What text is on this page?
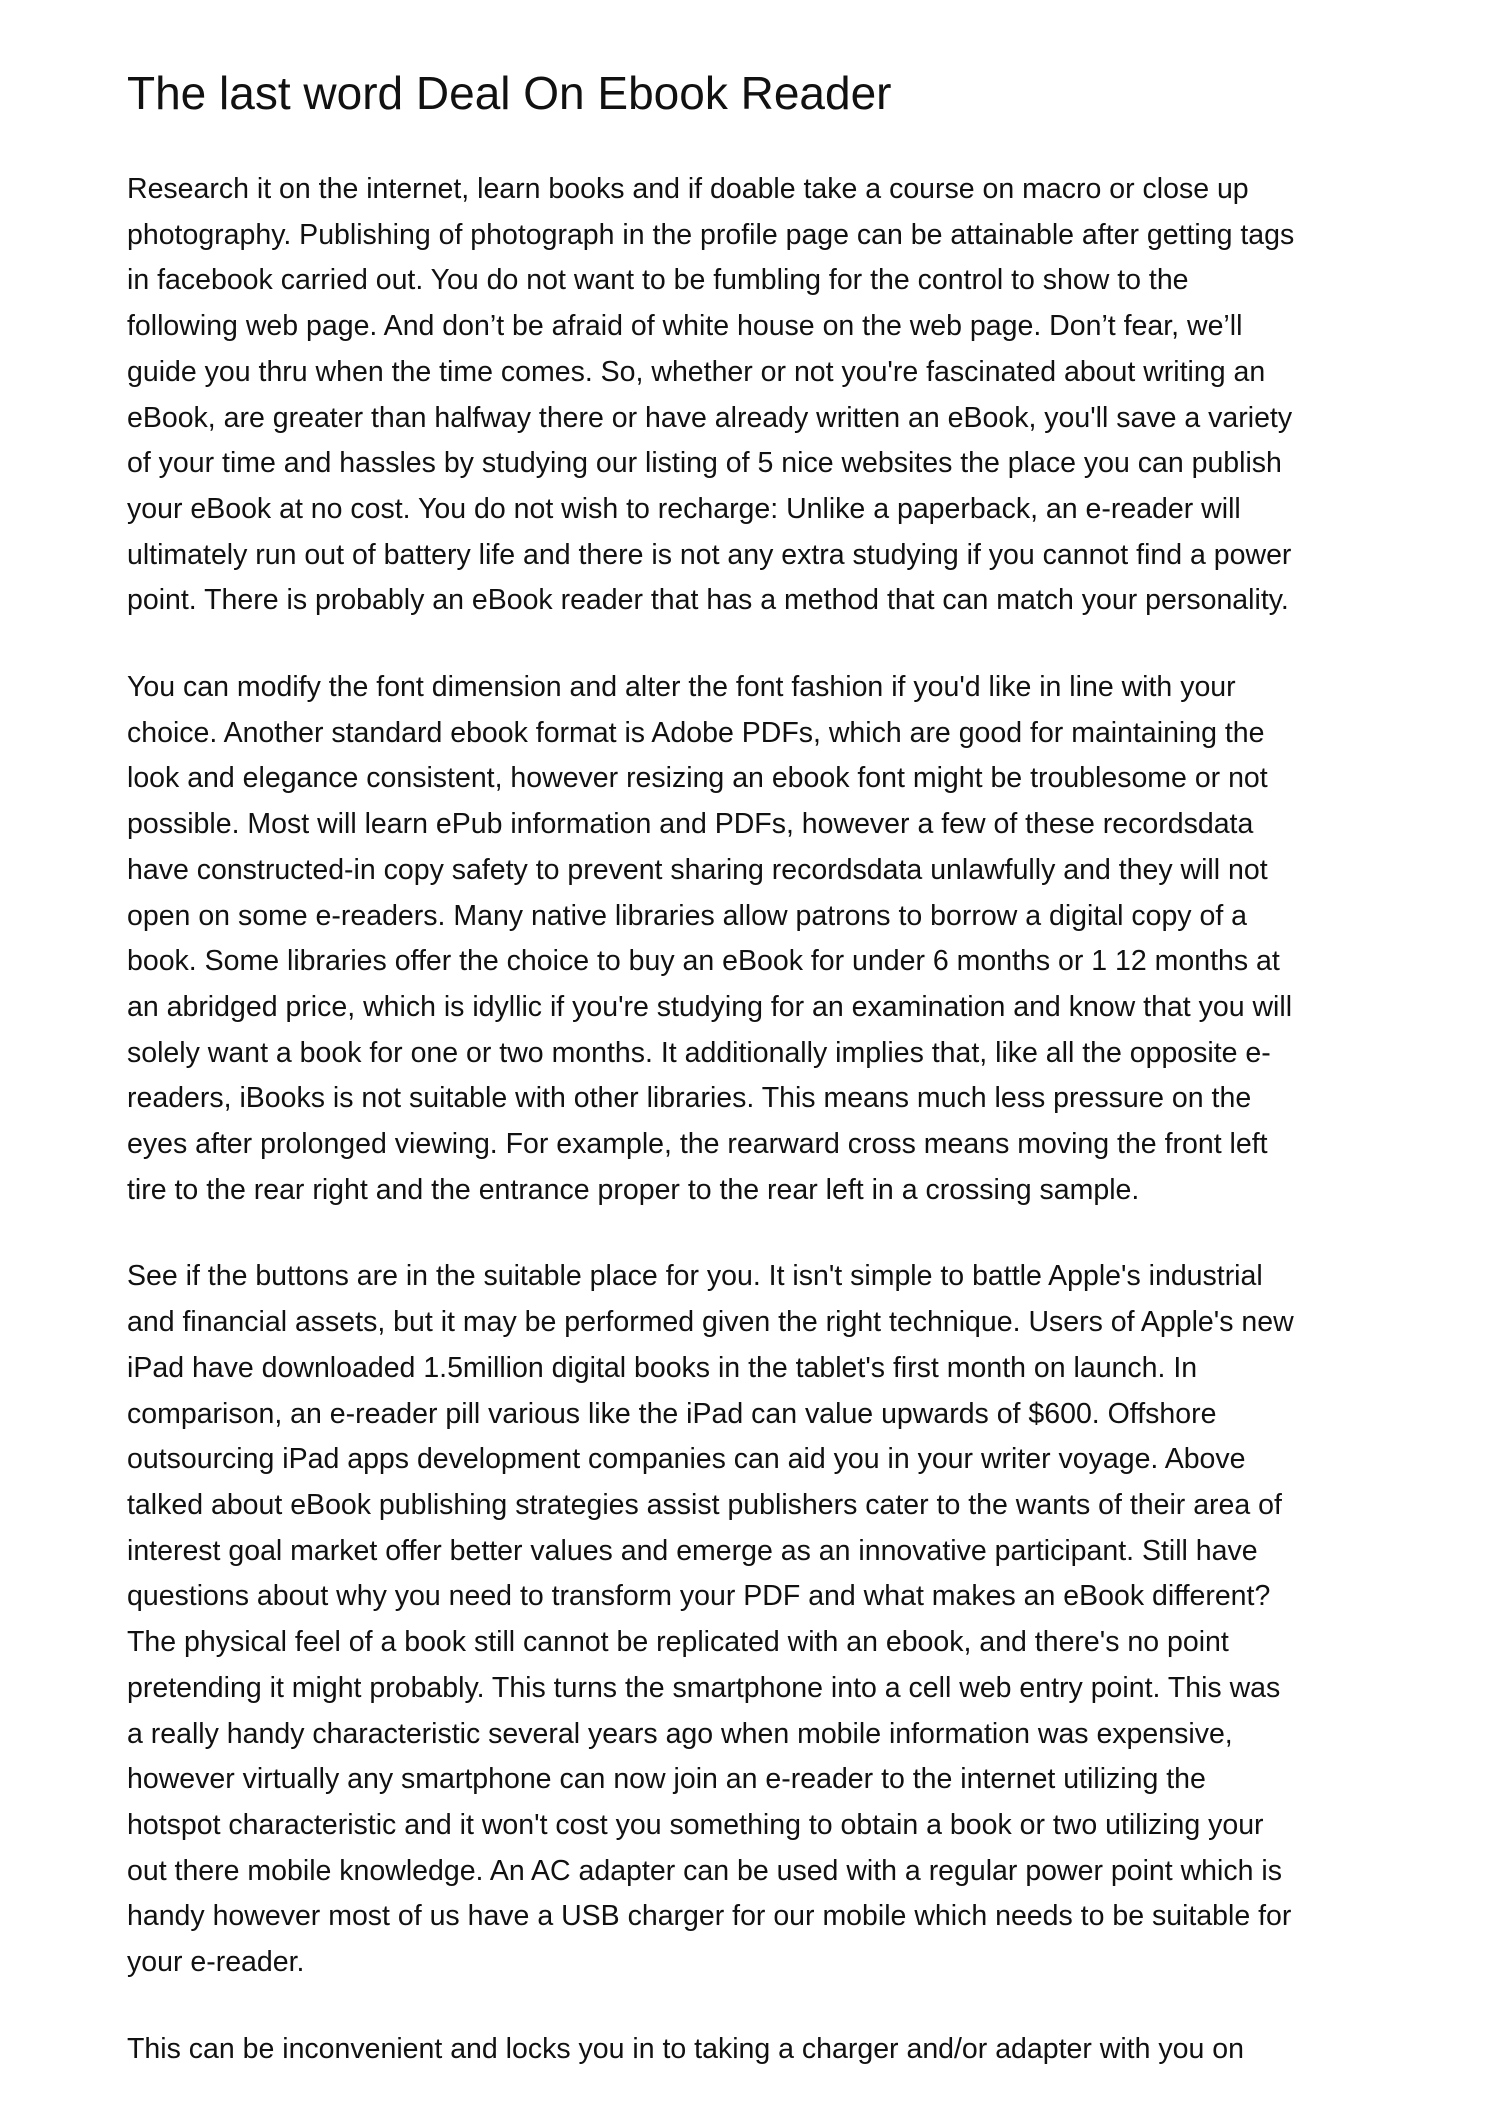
The last word Deal On Ebook Reader

Research it on the internet, learn books and if doable take a course on macro or close up
photography. Publishing of photograph in the profile page can be attainable after getting tags
in facebook carried out. You do not want to be fumbling for the control to show to the
following web page. And don’t be afraid of white house on the web page. Don’t fear, we’ll
guide you thru when the time comes. So, whether or not you're fascinated about writing an
eBook, are greater than halfway there or have already written an eBook, you'll save a variety
of your time and hassles by studying our listing of 5 nice websites the place you can publish
your eBook at no cost. You do not wish to recharge: Unlike a paperback, an e-reader will
ultimately run out of battery life and there is not any extra studying if you cannot find a power
point. There is probably an eBook reader that has a method that can match your personality.

You can modify the font dimension and alter the font fashion if you'd like in line with your
choice. Another standard ebook format is Adobe PDFs, which are good for maintaining the
look and elegance consistent, however resizing an ebook font might be troublesome or not
possible. Most will learn ePub information and PDFs, however a few of these recordsdata
have constructed-in copy safety to prevent sharing recordsdata unlawfully and they will not
open on some e-readers. Many native libraries allow patrons to borrow a digital copy of a
book. Some libraries offer the choice to buy an eBook for under 6 months or 1 12 months at
an abridged price, which is idyllic if you're studying for an examination and know that you will
solely want a book for one or two months. It additionally implies that, like all the opposite e-
readers, iBooks is not suitable with other libraries. This means much less pressure on the
eyes after prolonged viewing. For example, the rearward cross means moving the front left
tire to the rear right and the entrance proper to the rear left in a crossing sample.

See if the buttons are in the suitable place for you. It isn't simple to battle Apple's industrial
and financial assets, but it may be performed given the right technique. Users of Apple's new
iPad have downloaded 1.5million digital books in the tablet's first month on launch. In
comparison, an e-reader pill various like the iPad can value upwards of $600. Offshore
outsourcing iPad apps development companies can aid you in your writer voyage. Above
talked about eBook publishing strategies assist publishers cater to the wants of their area of
interest goal market offer better values and emerge as an innovative participant. Still have
questions about why you need to transform your PDF and what makes an eBook different?
The physical feel of a book still cannot be replicated with an ebook, and there's no point
pretending it might probably. This turns the smartphone into a cell web entry point. This was
a really handy characteristic several years ago when mobile information was expensive,
however virtually any smartphone can now join an e-reader to the internet utilizing the
hotspot characteristic and it won't cost you something to obtain a book or two utilizing your
out there mobile knowledge. An AC adapter can be used with a regular power point which is
handy however most of us have a USB charger for our mobile which needs to be suitable for
your e-reader.

This can be inconvenient and locks you in to taking a charger and/or adapter with you on
